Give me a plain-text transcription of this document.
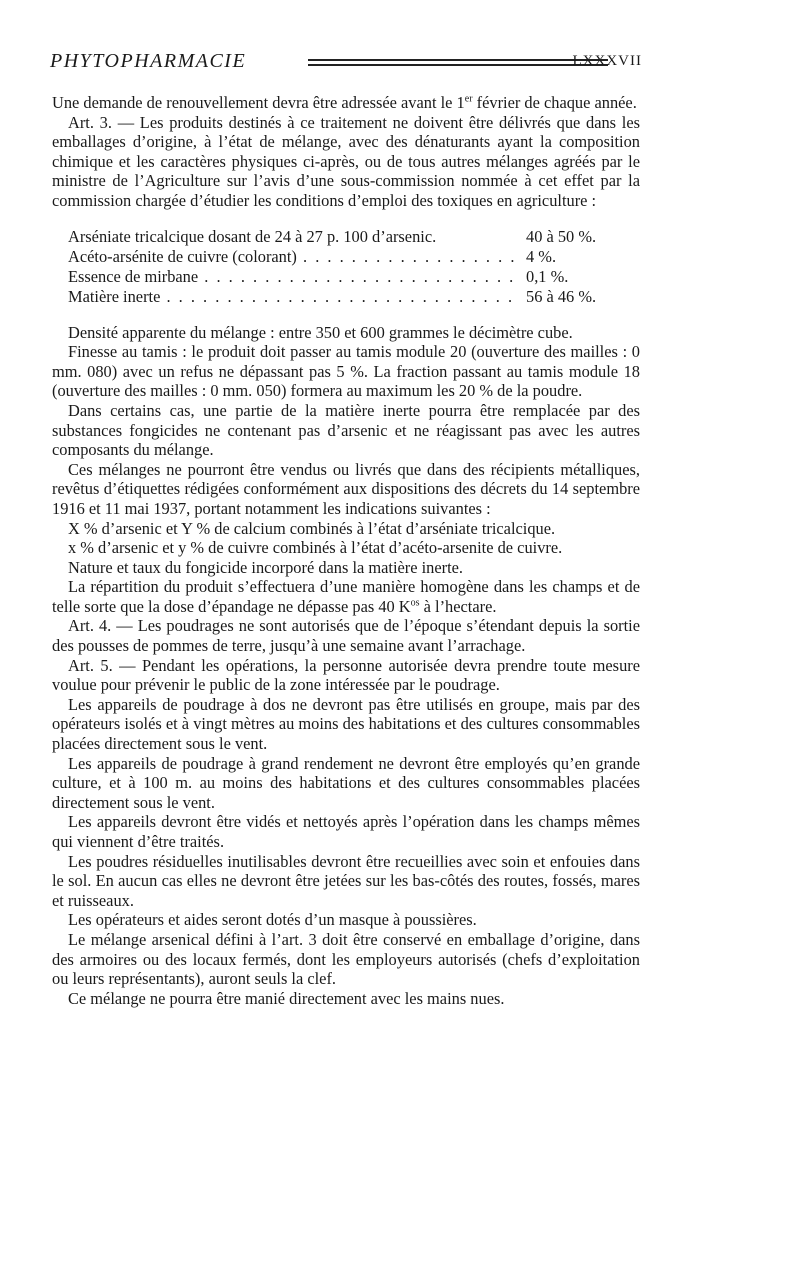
PHYTOPHARMACIE	LXXXVII

Une demande de renouvellement devra être adressée avant le 1er février de chaque année.

Art. 3. — Les produits destinés à ce traitement ne doivent être délivrés que dans les emballages d’origine, à l’état de mélange, avec des dénaturants ayant la composition chimique et les caractères physiques ci-après, ou de tous autres mélanges agréés par le ministre de l’Agriculture sur l’avis d’une sous-commission nommée à cet effet par la commission chargée d’étudier les conditions d’emploi des toxiques en agriculture :

Arséniate tricalcique dosant de 24 à 27 p. 100 d’arsenic.	40 à 50 %.
Acéto-arsénite de cuivre (colorant) . . .	4 %.
Essence de mirbane . . .	0,1 %.
Matière inerte . . .	56 à 46 %.

Densité apparente du mélange : entre 350 et 600 grammes le décimètre cube.

Finesse au tamis : le produit doit passer au tamis module 20 (ouverture des mailles : 0 mm. 080) avec un refus ne dépassant pas 5 %. La fraction passant au tamis module 18 (ouverture des mailles : 0 mm. 050) formera au maximum les 20 % de la poudre.

Dans certains cas, une partie de la matière inerte pourra être remplacée par des substances fongicides ne contenant pas d’arsenic et ne réagissant pas avec les autres composants du mélange.

Ces mélanges ne pourront être vendus ou livrés que dans des récipients métalliques, revêtus d’étiquettes rédigées conformément aux dispositions des décrets du 14 septembre 1916 et 11 mai 1937, portant notamment les indications suivantes :

X % d’arsenic et Y % de calcium combinés à l’état d’arséniate tricalcique.

x % d’arsenic et y % de cuivre combinés à l’état d’acéto-arsenite de cuivre.

Nature et taux du fongicide incorporé dans la matière inerte.

La répartition du produit s’effectuera d’une manière homogène dans les champs et de telle sorte que la dose d’épandage ne dépasse pas 40 $K^{os}$ à l’hectare.

Art. 4. — Les poudrages ne sont autorisés que de l’époque s’étendant depuis la sortie des pousses de pommes de terre, jusqu’à une semaine avant l’arrachage.

Art. 5. — Pendant les opérations, la personne autorisée devra prendre toute mesure voulue pour prévenir le public de la zone intéressée par le poudrage.

Les appareils de poudrage à dos ne devront pas être utilisés en groupe, mais par des opérateurs isolés et à vingt mètres au moins des habitations et des cultures consommables placées directement sous le vent.

Les appareils de poudrage à grand rendement ne devront être employés qu’en grande culture, et à 100 m. au moins des habitations et des cultures consommables placées directement sous le vent.

Les appareils devront être vidés et nettoyés après l’opération dans les champs mêmes qui viennent d’être traités.

Les poudres résiduelles inutilisables devront être recueillies avec soin et enfouies dans le sol. En aucun cas elles ne devront être jetées sur les bas-côtés des routes, fossés, mares et ruisseaux.

Les opérateurs et aides seront dotés d’un masque à poussières.

Le mélange arsenical défini à l’art. 3 doit être conservé en emballage d’origine, dans des armoires ou des locaux fermés, dont les employeurs autorisés (chefs d’exploitation ou leurs représentants), auront seuls la clef.

Ce mélange ne pourra être manié directement avec les mains nues.
